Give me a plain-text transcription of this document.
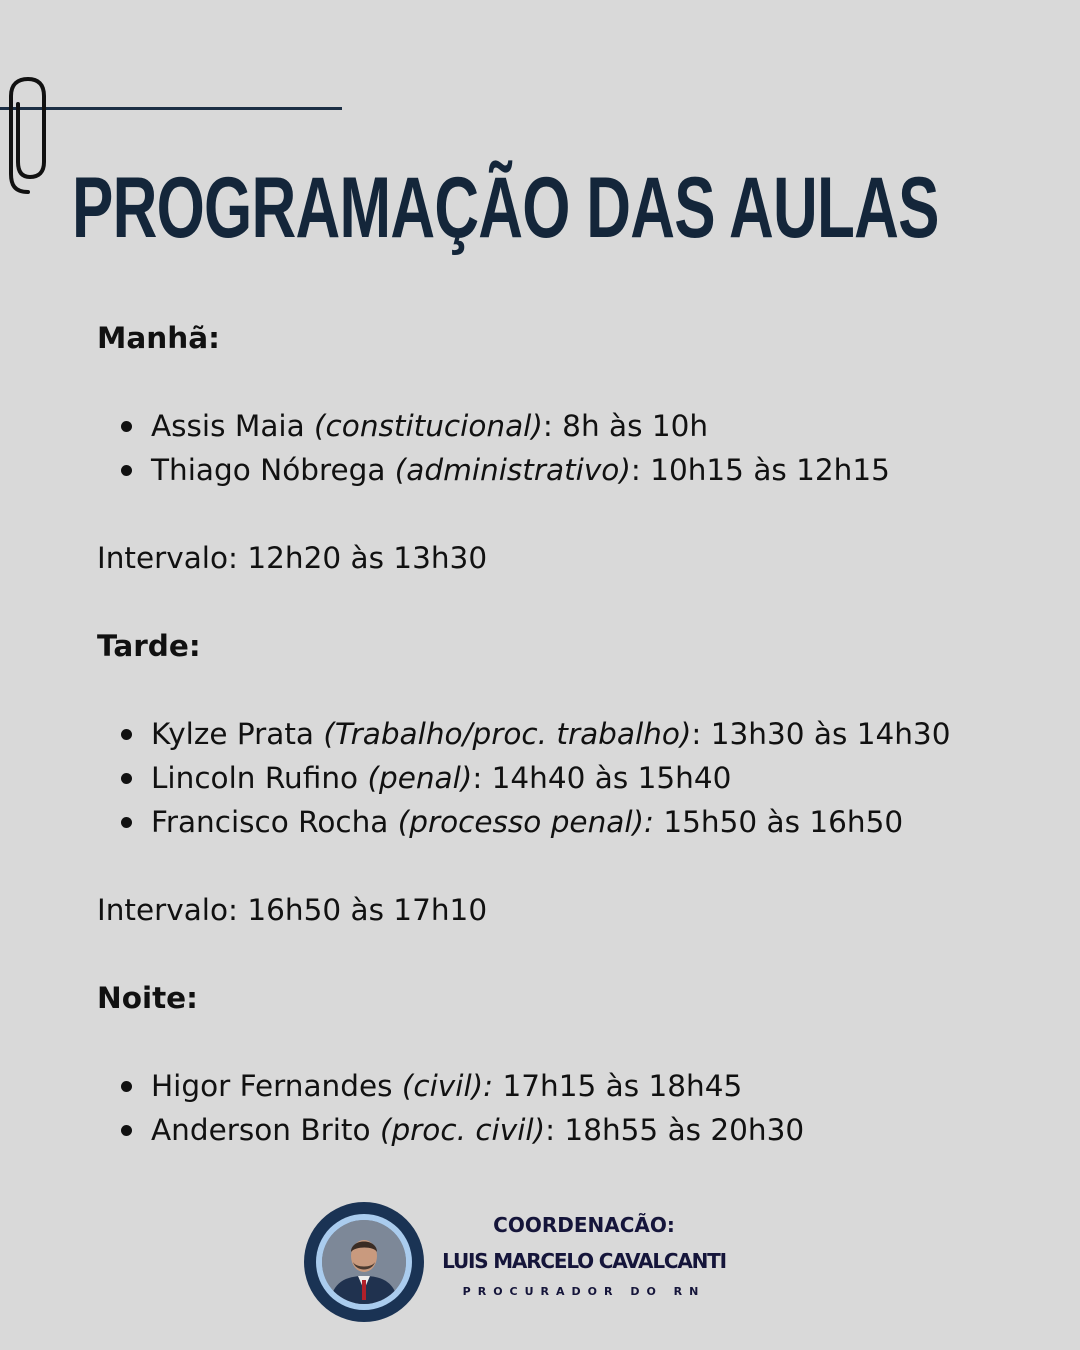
PROGRAMAÇÃO DAS AULAS
Manhã:
Assis Maia (constitucional): 8h às 10h
Thiago Nóbrega (administrativo): 10h15 às 12h15
Intervalo: 12h20 às 13h30
Tarde:
Kylze Prata (Trabalho/proc. trabalho): 13h30 às 14h30
Lincoln Rufino (penal): 14h40 às 15h40
Francisco Rocha (processo penal): 15h50 às 16h50
Intervalo: 16h50 às 17h10
Noite:
Higor Fernandes (civil): 17h15 às 18h45
Anderson Brito (proc. civil): 18h55 às 20h30
COORDENACÃO:
LUIS MARCELO CAVALCANTI
PROCURADOR DO RN
